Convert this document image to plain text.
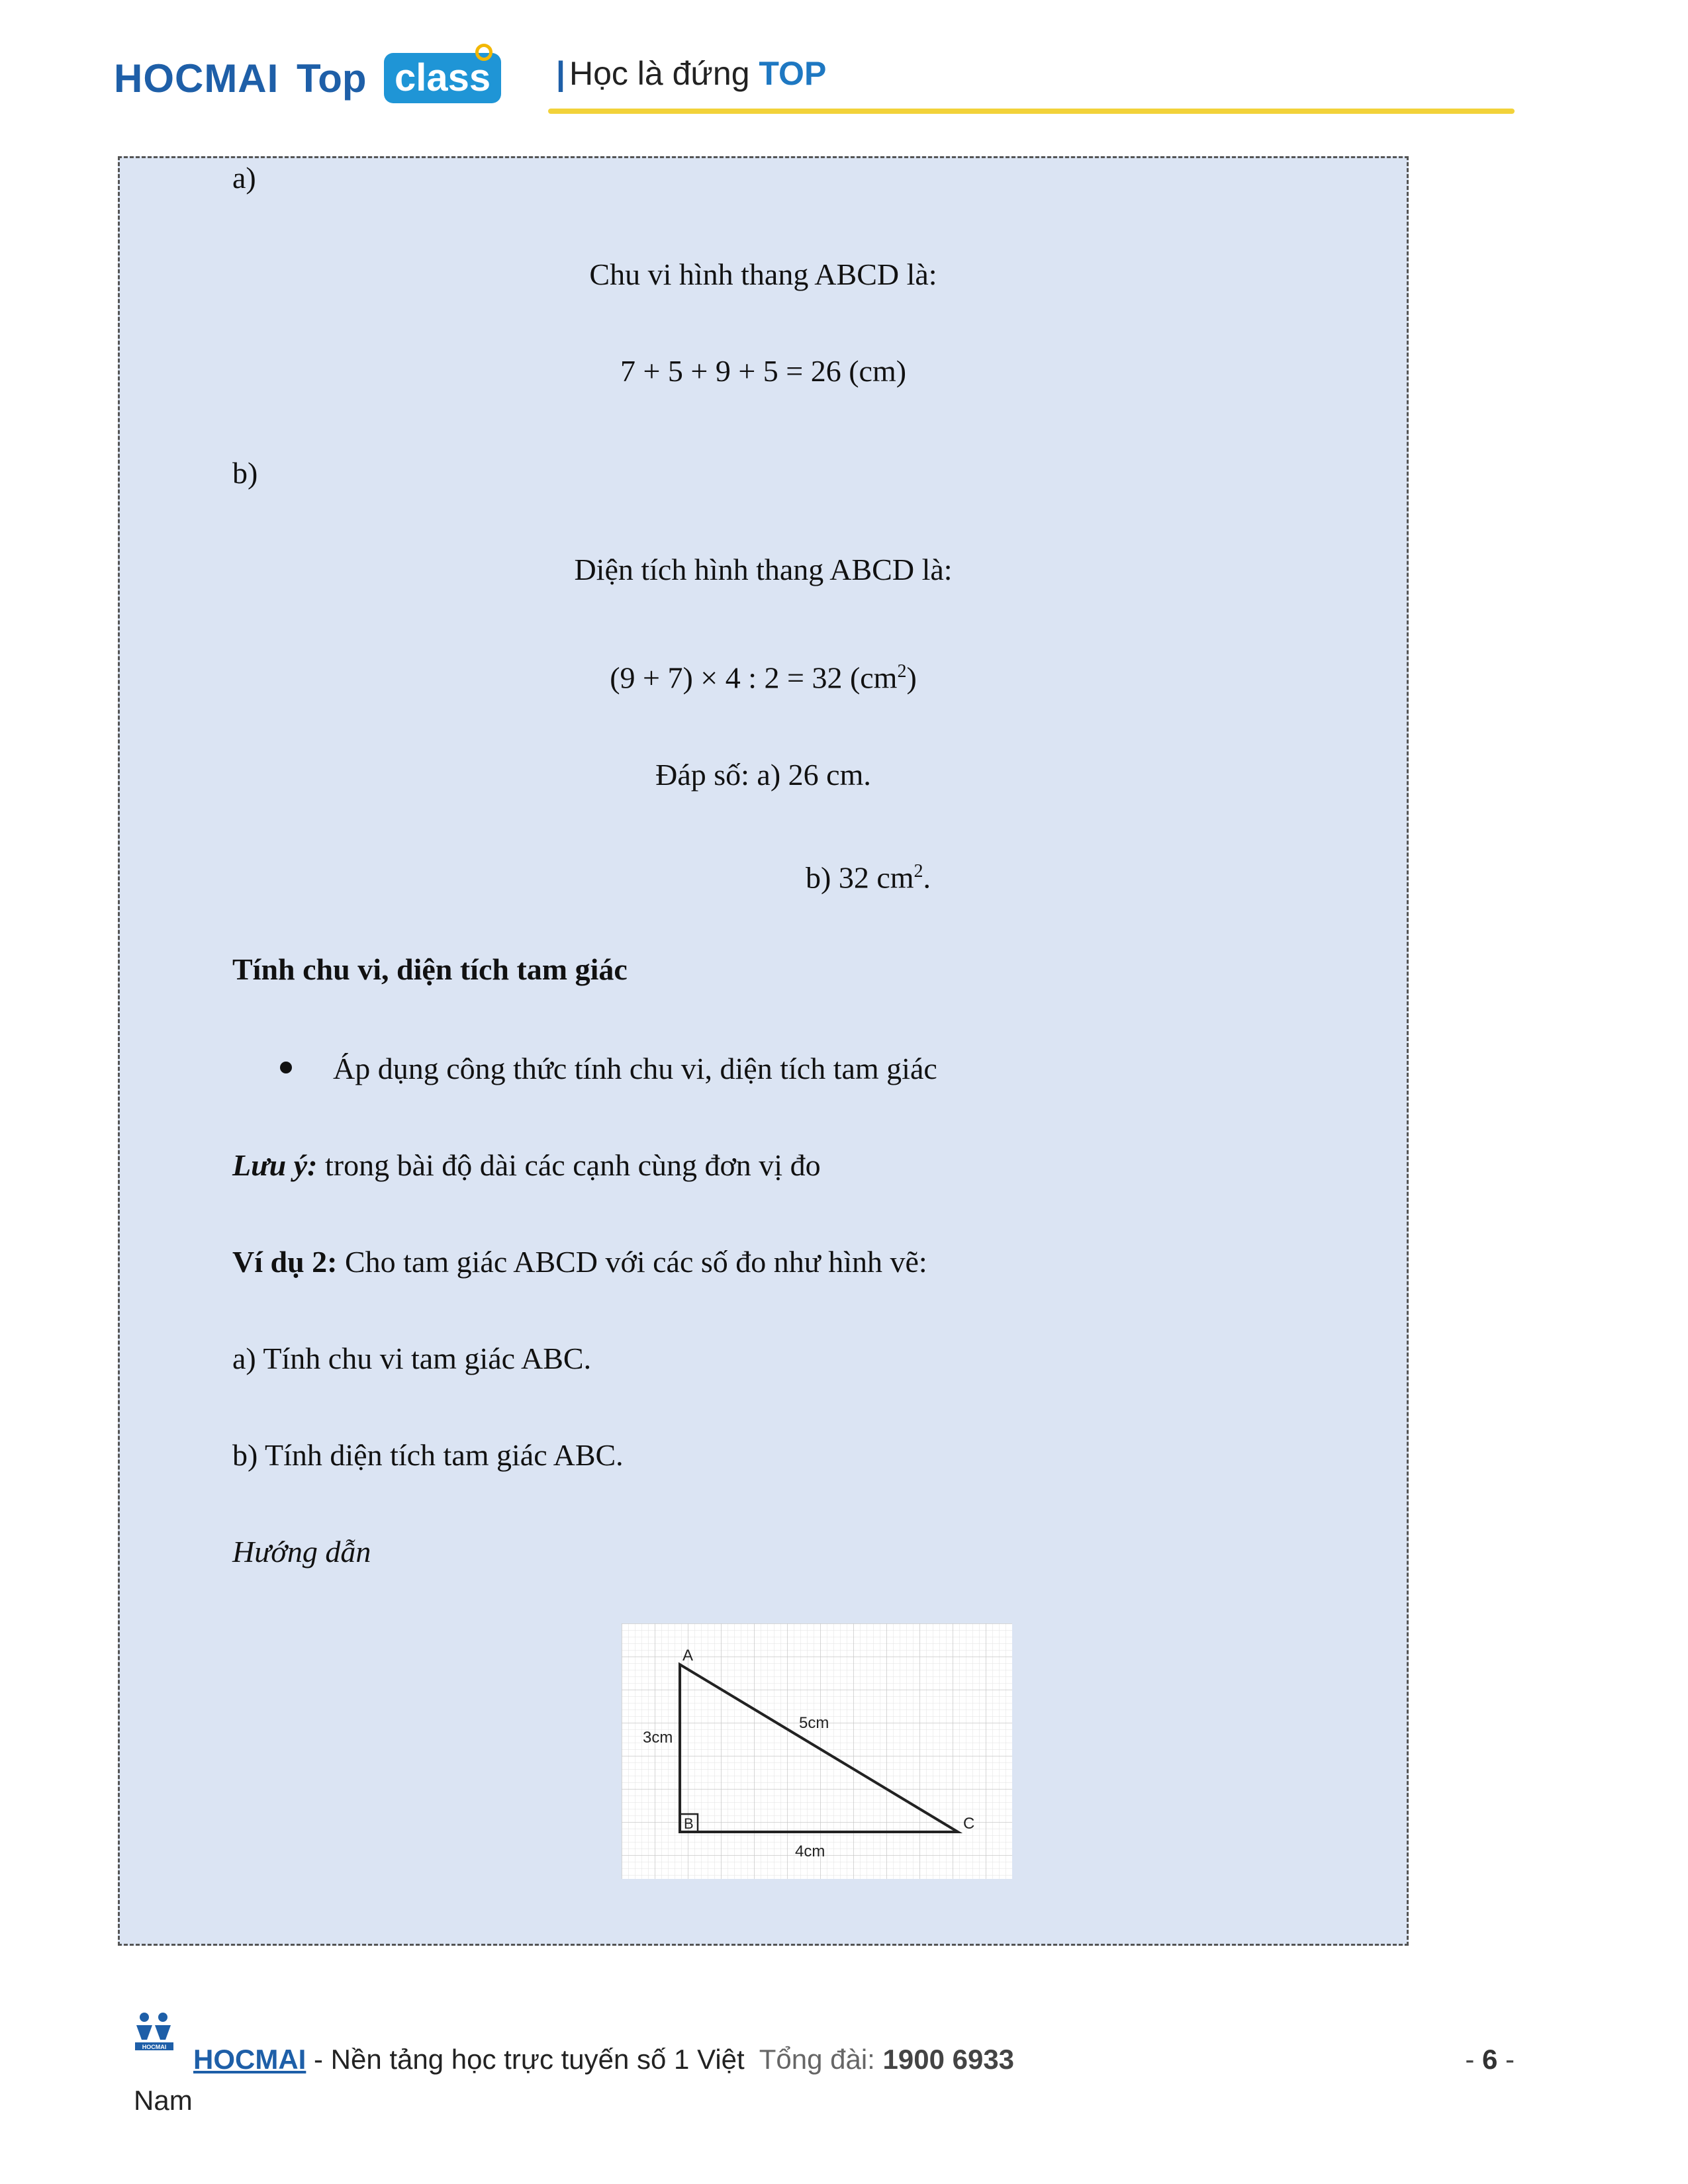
HOCMAI Top class	| Học là đứng TOP
a)
Chu vi hình thang ABCD là:
7 + 5 + 9 + 5 = 26 (cm)
b)
Diện tích hình thang ABCD là:
(9 + 7) × 4 : 2 = 32 $(cm^2)$
Đáp số: a) 26 cm.
b) 32 $cm^2$.
Tính chu vi, diện tích tam giác
Áp dụng công thức tính chu vi, diện tích tam giác
Lưu ý: trong bài độ dài các cạnh cùng đơn vị đo
Ví dụ 2: Cho tam giác ABCD với các số đo như hình vẽ:
a) Tính chu vi tam giác ABC.
b) Tính diện tích tam giác ABC.
Hướng dẫn
A
B	C
3cm
5cm
4cm
HOCMAI HOCMAI - Nền tảng học trực tuyến số 1 Việt Tổng đài: 1900 6933
Nam
- 6 -
